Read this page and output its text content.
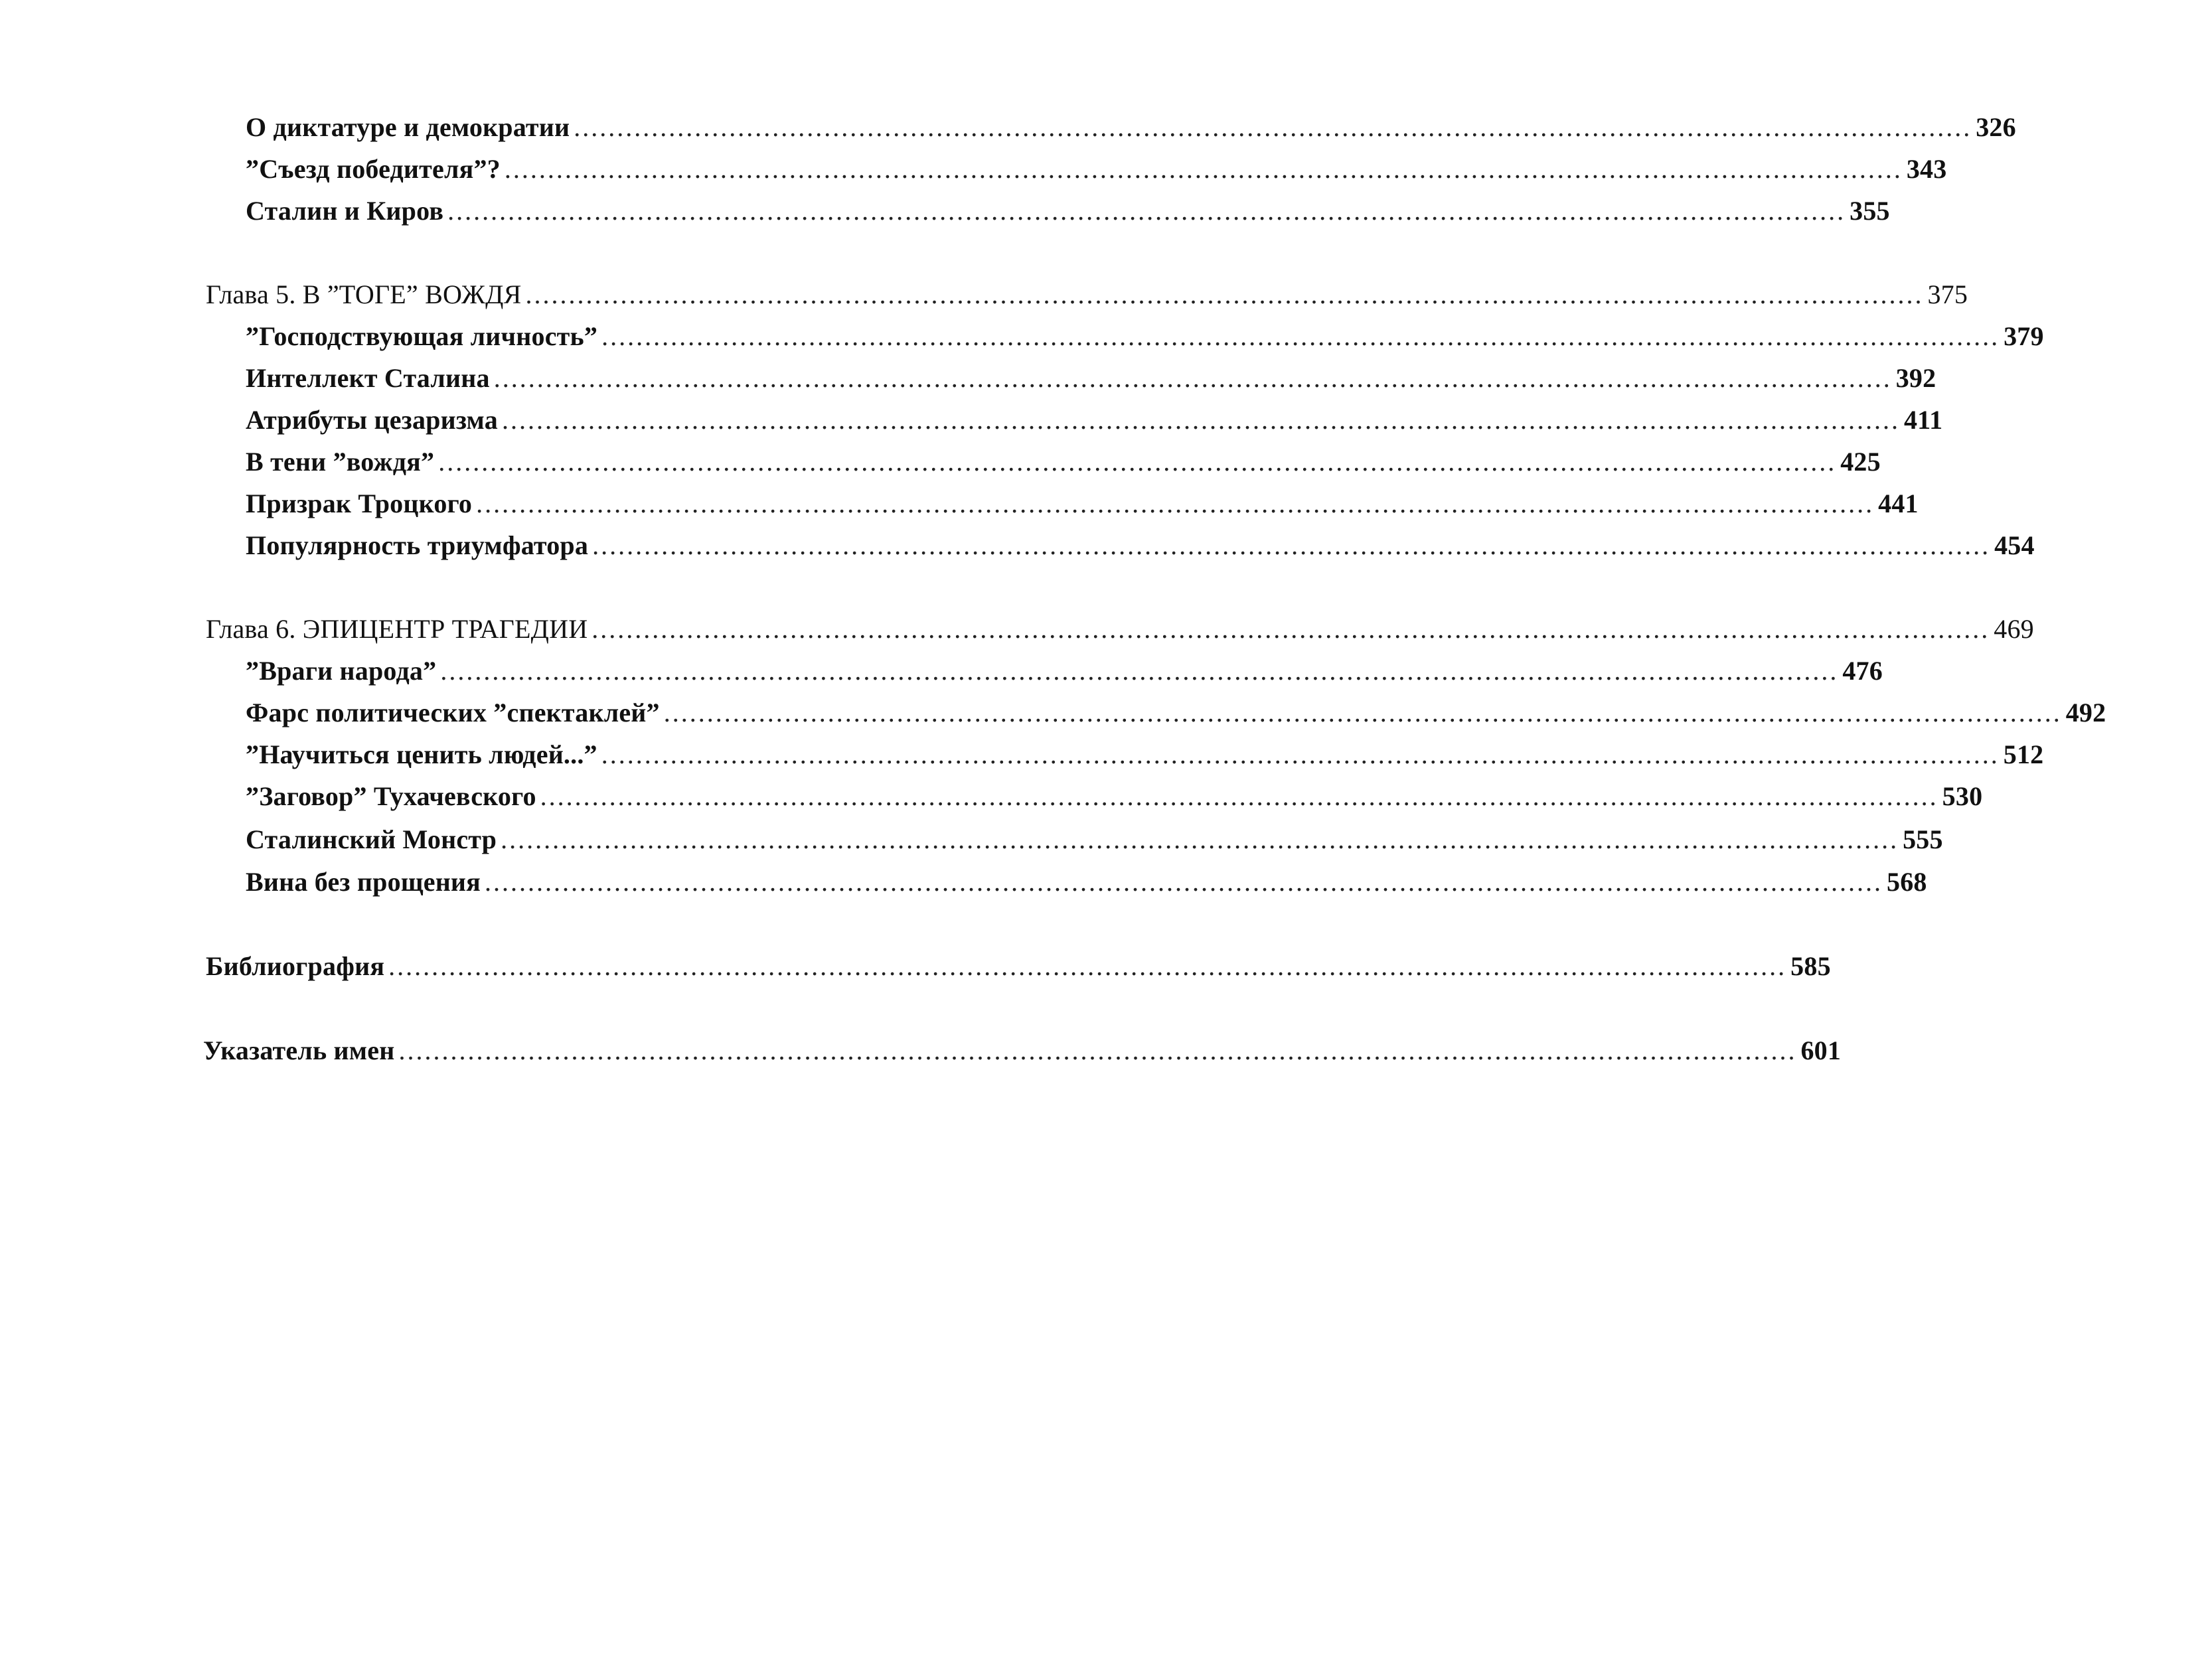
О диктатуре и демократии .................................................................................................................................................................. 326
”Съезд победителя”? .................................................................................................................................................................. 343
Сталин и Киров .................................................................................................................................................................. 355
Глава 5. В ”ТОГЕ” ВОЖДЯ .................................................................................................................................................................. 375
”Господствующая личность” .................................................................................................................................................................. 379
Интеллект Сталина .................................................................................................................................................................. 392
Атрибуты цезаризма .................................................................................................................................................................. 411
В тени ”вождя” .................................................................................................................................................................. 425
Призрак Троцкого .................................................................................................................................................................. 441
Популярность триумфатора .................................................................................................................................................................. 454
Глава 6. ЭПИЦЕНТР ТРАГЕДИИ .................................................................................................................................................................. 469
”Враги народа” .................................................................................................................................................................. 476
Фарс политических ”спектаклей” .................................................................................................................................................................. 492
”Научиться ценить людей...” .................................................................................................................................................................. 512
”Заговор” Тухачевского .................................................................................................................................................................. 530
Сталинский Монстр .................................................................................................................................................................. 555
Вина без прощения .................................................................................................................................................................. 568
Библиография .................................................................................................................................................................. 585
Указатель имен .................................................................................................................................................................. 601
